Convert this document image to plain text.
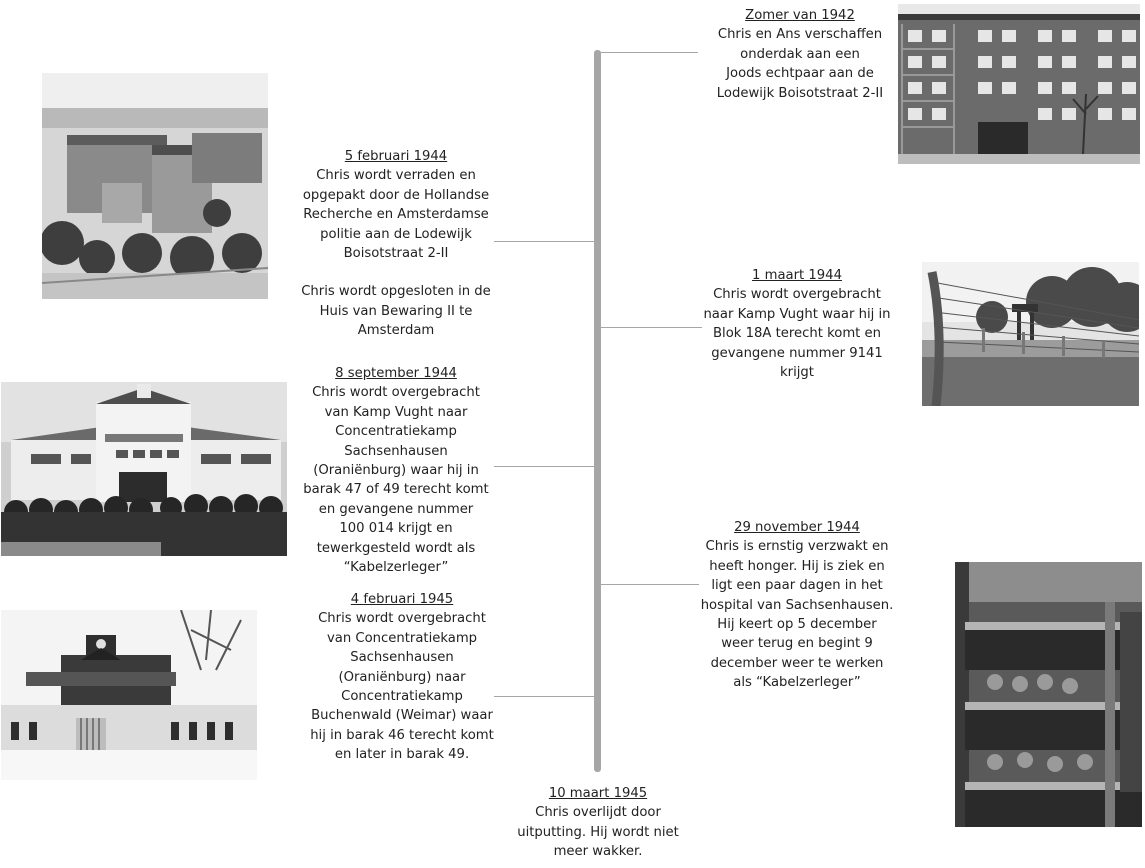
Zomer van 1942
Chris en Ans verschaffen
onderdak aan een
Joods echtpaar aan de
Lodewijk Boisotstraat 2-II
5 februari 1944
Chris wordt verraden en
opgepakt door de Hollandse
Recherche en Amsterdamse
politie aan de Lodewijk
Boisotstraat 2-II
Chris wordt opgesloten in de
Huis van Bewaring II te
Amsterdam
1 maart 1944
Chris wordt overgebracht
naar Kamp Vught waar hij in
Blok 18A terecht komt en
gevangene nummer 9141
krijgt
8 september 1944
Chris wordt overgebracht
van Kamp Vught naar
Concentratiekamp
Sachsenhausen
(Oraniënburg) waar hij in
barak 47 of 49 terecht komt
en gevangene nummer
100 014 krijgt en
tewerkgesteld wordt als
“Kabelzerleger”
29 november 1944
Chris is ernstig verzwakt en
heeft honger. Hij is ziek en
ligt een paar dagen in het
hospital van Sachsenhausen.
Hij keert op 5 december
weer terug en begint 9
december weer te werken
als “Kabelzerleger”
4 februari 1945
Chris wordt overgebracht
van Concentratiekamp
Sachsenhausen
(Oraniënburg) naar
Concentratiekamp
Buchenwald (Weimar) waar
hij in barak 46 terecht komt
en later in barak 49.
10 maart 1945
Chris overlijdt door
uitputting. Hij wordt niet
meer wakker.
